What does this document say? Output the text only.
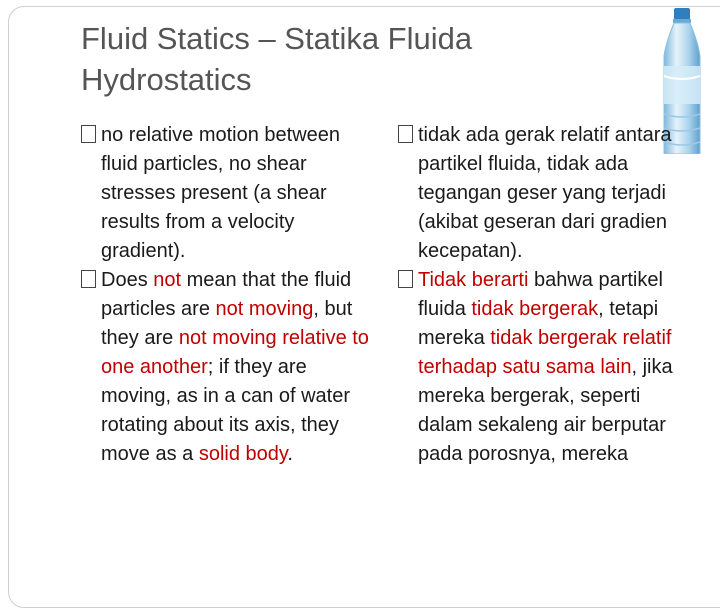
Fluid Statics – Statika Fluida
Hydrostatics

no relative motion between fluid particles, no shear stresses present (a shear results from a velocity gradient).

Does not mean that the fluid particles are not moving, but they are not moving relative to one another; if they are moving, as in a can of water rotating about its axis, they move as a solid body.

tidak ada gerak relatif antara partikel fluida, tidak ada tegangan geser yang terjadi (akibat geseran dari gradien kecepatan).

Tidak berarti bahwa partikel fluida tidak bergerak, tetapi mereka tidak bergerak relatif terhadap satu sama lain, jika mereka bergerak, seperti dalam sekaleng air berputar pada porosnya, mereka
